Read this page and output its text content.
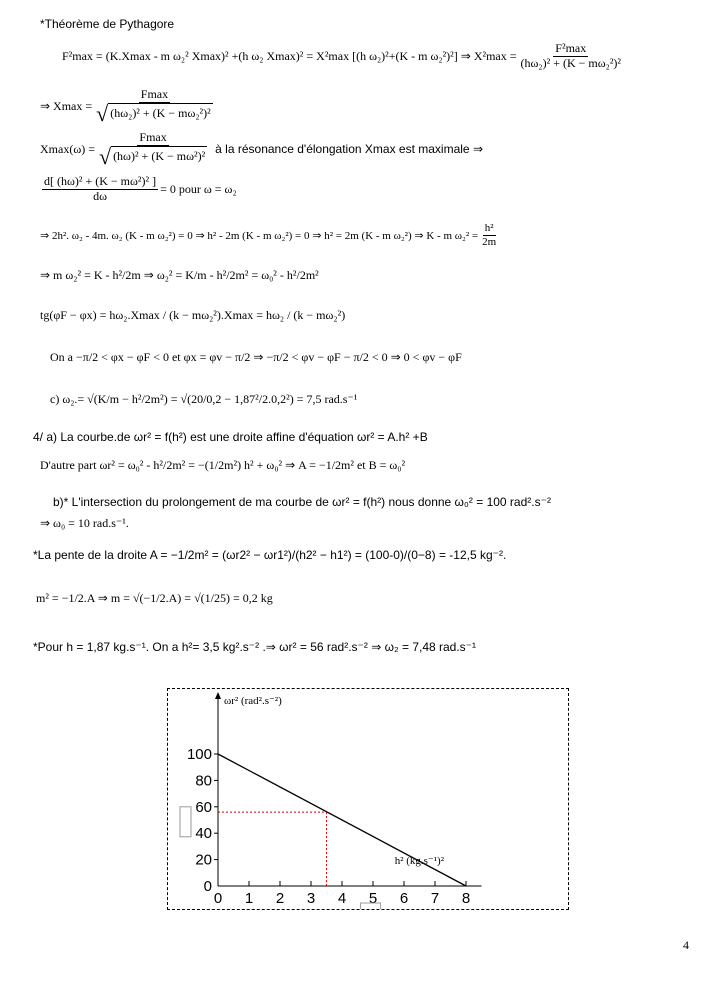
*Théorème de Pythagore
F²max = (K.Xmax - m ω₂² Xmax)² +(h ω₂ Xmax)² = X²max [(h ω₂)²+(K - m ω₂²)²] ⇒ $X^2\max = \frac{\text{F²max}}{\text{(hω₂)² + (K − mω₂²)²}}$
⇒ $Xmax = \frac{Fmax}{\text{√ (hω₂)² + (K − mω₂²)²}}$
$Xmax(\omega) = \frac{Fmax}{\text{√ (hω)² + (K − mω²)²}}$ à la résonance d'élongation Xmax est maximale ⇒
$\frac{\text{d[ (hω)² + (K − mω²)² ]}}{d\omega} = 0$ pour ω = ω₂
⇒ 2h². ω₂ - 4m. ω₂ (K - m ω₂²) = 0 ⇒ h² - 2m (K - m ω₂²) = 0 ⇒ h² = 2m (K - m ω₂²) ⇒ K - m $\omega_2^2 = \frac{\text{h²}}{2m}$
⇒ m ω₂² = K - h²/2m ⇒ ω₂² = K/m - h²/2m² = ω₀² - h²/2m²
tg(φF − φx) = hω₂.Xmax / (k − mω₂²).Xmax = hω₂ / (k − mω₂²)
On a −π/2 < φx − φF < 0 et φx = φv − π/2 ⇒ −π/2 < φv − φF − π/2 < 0 ⇒ 0 < φv − φF
c) ω₂.= √(K/m − h²/2m²) = √(20/0,2 − 1,87²/2.0,2²) = 7,5 rad.s⁻¹
4/ a) La courbe.de ωr² = f(h²) est une droite affine d'équation ωr² = A.h² +B
D'autre part ωr² = ω₀² - h²/2m² = −(1/2m²) h² + ω₀² ⇒ A = −1/2m² et B = ω₀²
b)* L'intersection du prolongement de ma courbe de ωr² = f(h²) nous donne ω₀² = 100 rad².s⁻²
⇒ ω₀ = 10 rad.s⁻¹.
*La pente de la droite A = −1/2m² = (ωr2² − ωr1²)/(h2² − h1²) = (100-0)/(0−8) = -12,5 kg⁻².
m² = −1/2.A ⇒ m = √(−1/2.A) = √(1/25) = 0,2 kg
*Pour h = 1,87 kg.s⁻¹. On a h²= 3,5 kg².s⁻² .⇒ ωr² = 56 rad².s⁻² ⇒ ω₂ = 7,48 rad.s⁻¹
0 1 2 3 4 5 6 7 8
0
20
40
60
80
100
ωr² (rad².s⁻²)
h² (kg.s⁻¹)²
4
